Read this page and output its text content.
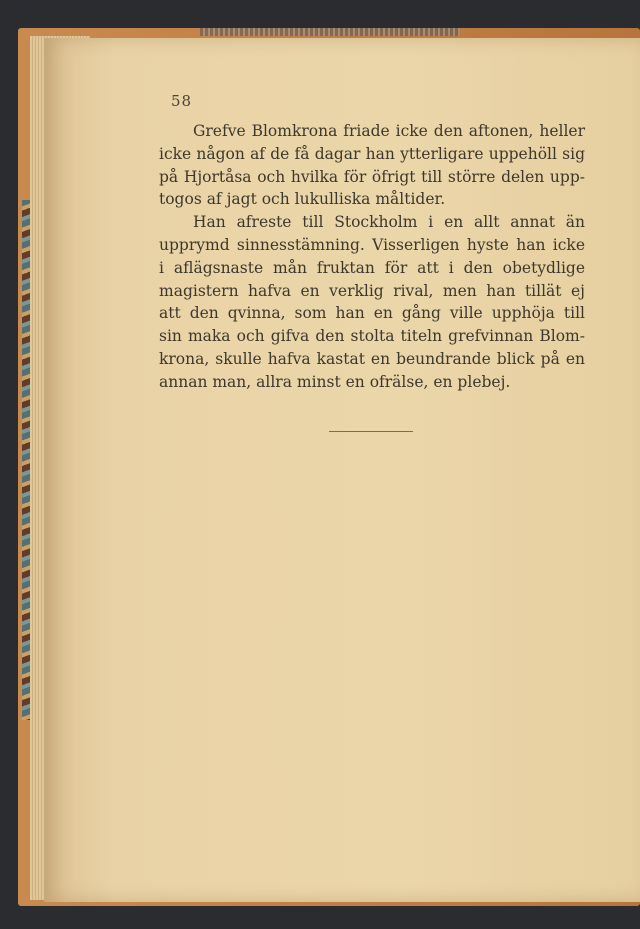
58
Grefve Blomkrona friade icke den aftonen, heller
icke någon af de få dagar han ytterligare uppehöll sig
på Hjortåsa och hvilka för öfrigt till större delen upp-
togos af jagt och lukulliska måltider.
Han afreste till Stockholm i en allt annat än
upprymd sinnesstämning. Visserligen hyste han icke
i aflägsnaste mån fruktan för att i den obetydlige
magistern hafva en verklig rival, men han tillät ej
att den qvinna, som han en gång ville upphöja till
sin maka och gifva den stolta titeln grefvinnan Blom-
krona, skulle hafva kastat en beundrande blick på en
annan man, allra minst en ofrälse, en plebej.
